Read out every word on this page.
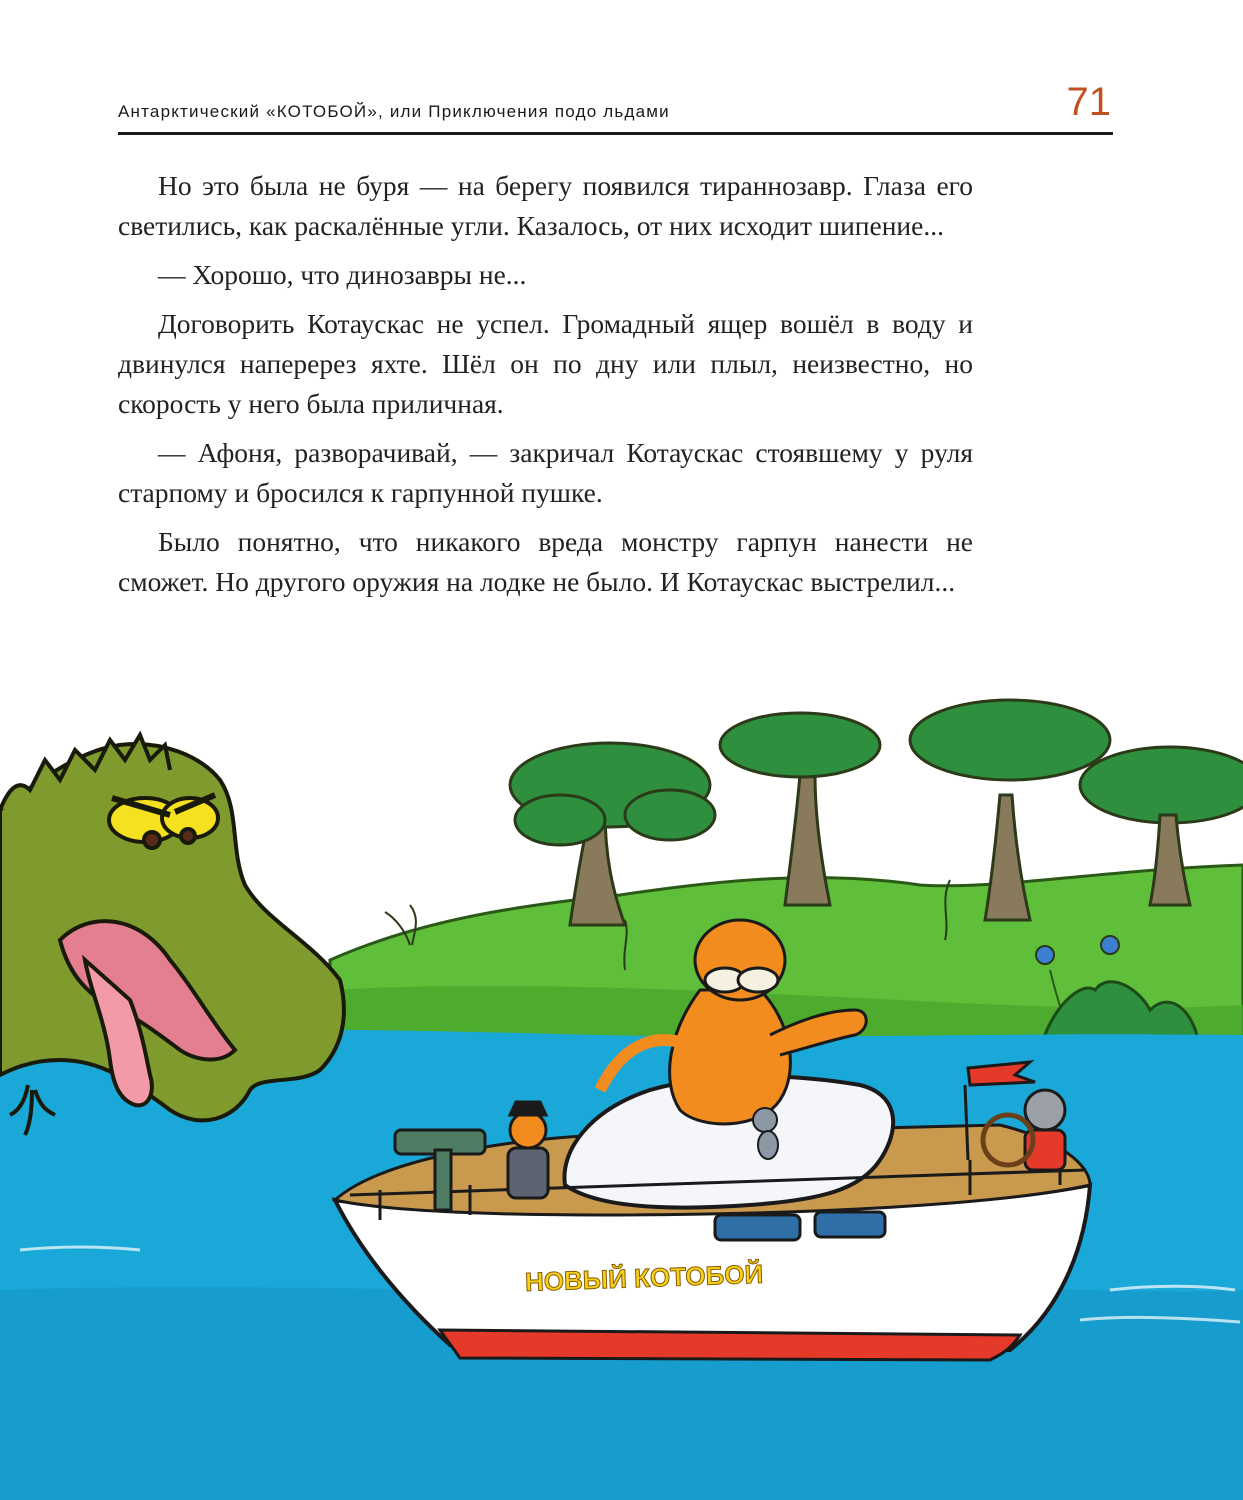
Антарктический «КОТОБОЙ», или Приключения подо льдами	71

Но это была не буря — на берегу появился тираннозавр. Глаза его светились, как раскалённые угли. Казалось, от них исходит шипение...

— Хорошо, что динозавры не...

Договорить Котаускас не успел. Громадный ящер вошёл в воду и двинулся наперерез яхте. Шёл он по дну или плыл, неизвестно, но скорость у него была приличная.

— Афоня, разворачивай, — закричал Котаускас стоявшему у руля старпому и бросился к гарпунной пушке.

Было понятно, что никакого вреда монстру гарпун нанести не сможет. Но другого оружия на лодке не было. И Котаускас выстрелил...

НОВЫЙ КОТОБОЙ
